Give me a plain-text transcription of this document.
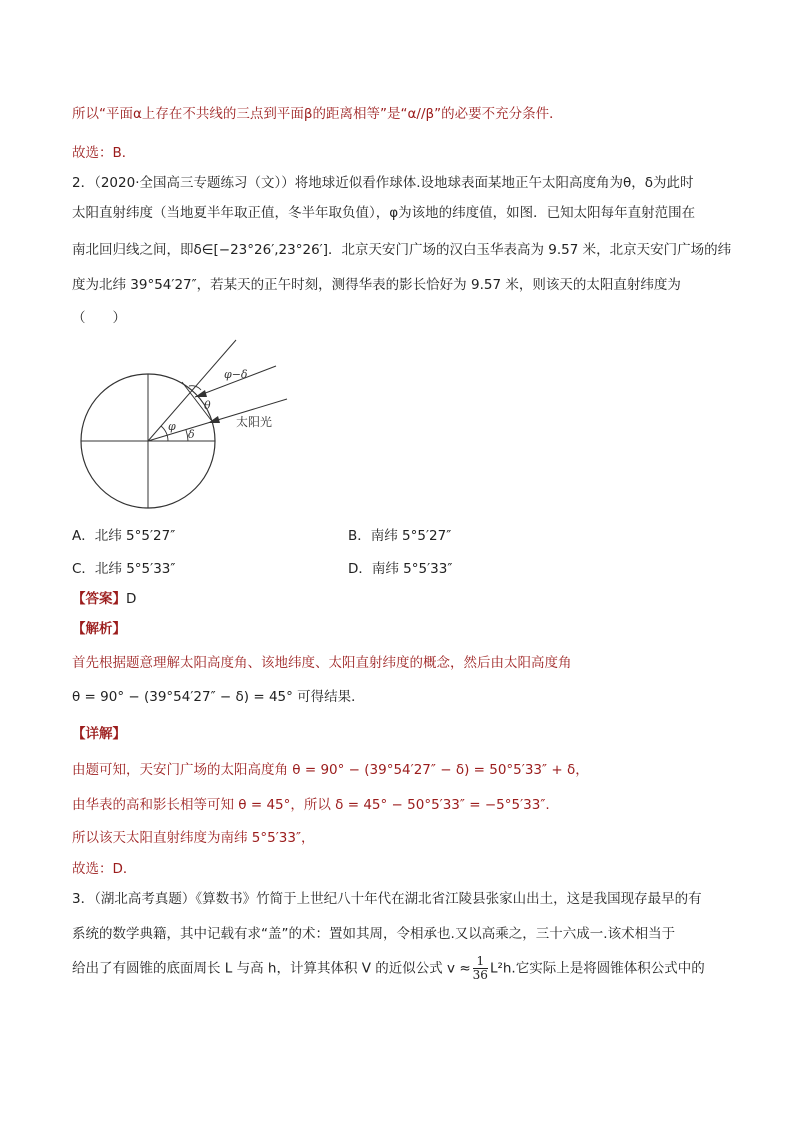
所以“平面α上存在不共线的三点到平面β的距离相等”是“α//β”的必要不充分条件．
故选：B．
2．（2020·全国高三专题练习（文））将地球近似看作球体.设地球表面某地正午太阳高度角为θ，δ为此时
太阳直射纬度（当地夏半年取正值，冬半年取负值），φ为该地的纬度值，如图．已知太阳每年直射范围在
南北回归线之间，即δ∈[−23°26′,23°26′]．北京天安门广场的汉白玉华表高为 9.57 米，北京天安门广场的纬
度为北纬 39°54′27″，若某天的正午时刻，测得华表的影长恰好为 9.57 米，则该天的太阳直射纬度为
（　　）
φ−δ
θ
φ
δ
太阳光
A．北纬 5°5′27″	B．南纬 5°5′27″
C．北纬 5°5′33″	D．南纬 5°5′33″
【答案】D
【解析】
首先根据题意理解太阳高度角、该地纬度、太阳直射纬度的概念，然后由太阳高度角
θ = 90° − (39°54′27″ − δ) = 45° 可得结果．
【详解】
由题可知，天安门广场的太阳高度角 θ = 90° − (39°54′27″ − δ) = 50°5′33″ + δ，
由华表的高和影长相等可知 θ = 45°，所以 δ = 45° − 50°5′33″ = −5°5′33″.
所以该天太阳直射纬度为南纬 5°5′33″，
故选：D．
3．（湖北高考真题）《算数书》竹简于上世纪八十年代在湖北省江陵县张家山出土，这是我国现存最早的有
系统的数学典籍，其中记载有求“盖”的术：置如其周，令相承也.又以高乘之，三十六成一.该术相当于
给出了有圆锥的底面周长 L 与高 h，计算其体积 V 的近似公式 $v \approx \frac{1}{36} L^2h$.它实际上是将圆锥体积公式中的
